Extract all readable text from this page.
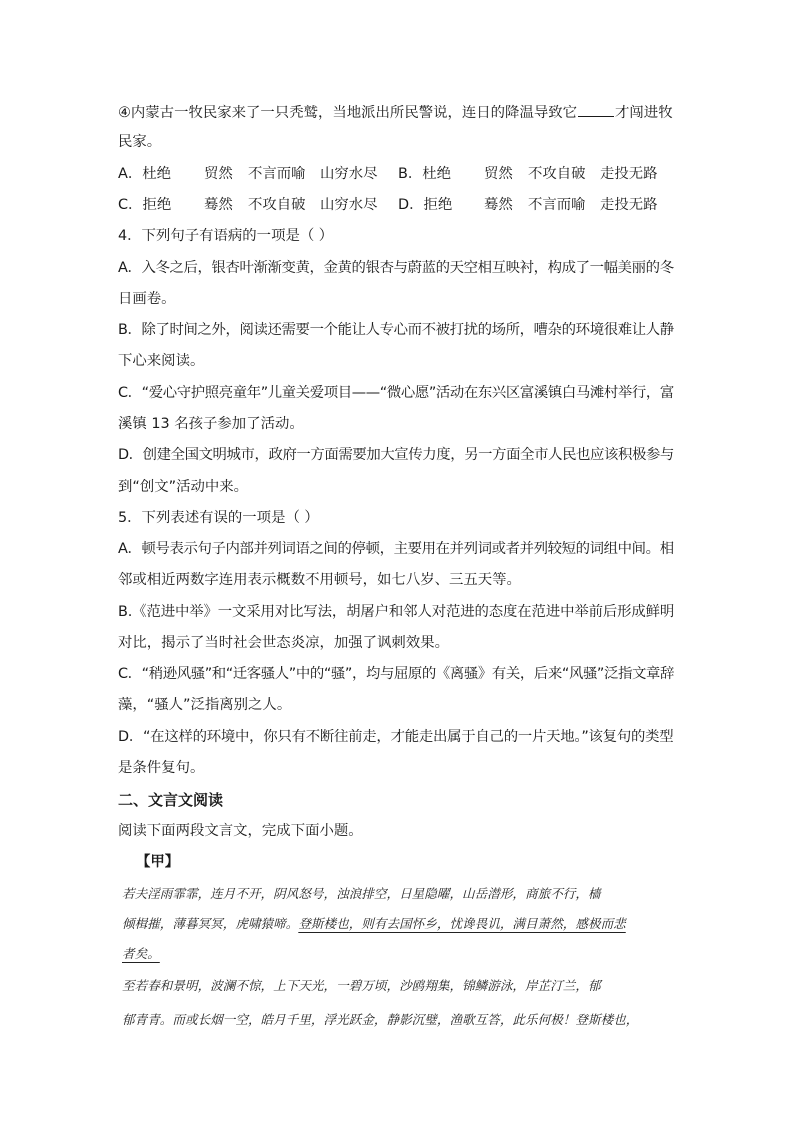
④内蒙古一牧民家来了一只秃鹫，当地派出所民警说，连日的降温导致它	才闯进牧
民家。
A．杜绝 贸然 不言而喻 山穷水尽 B．杜绝 贸然 不攻自破 走投无路
C．拒绝 蓦然 不攻自破 山穷水尽 D．拒绝 蓦然 不言而喻 走投无路
4．下列句子有语病的一项是（ ）
A．入冬之后，银杏叶渐渐变黄，金黄的银杏与蔚蓝的天空相互映衬，构成了一幅美丽的冬
日画卷。
B．除了时间之外，阅读还需要一个能让人专心而不被打扰的场所，嘈杂的环境很难让人静
下心来阅读。
C．“爱心守护照亮童年”儿童关爱项目——“微心愿”活动在东兴区富溪镇白马滩村举行，富
溪镇 13 名孩子参加了活动。
D．创建全国文明城市，政府一方面需要加大宣传力度，另一方面全市人民也应该积极参与
到“创文”活动中来。
5．下列表述有误的一项是（ ）
A．顿号表示句子内部并列词语之间的停顿，主要用在并列词或者并列较短的词组中间。相
邻或相近两数字连用表示概数不用顿号，如七八岁、三五天等。
B.《范进中举》一文采用对比写法，胡屠户和邻人对范进的态度在范进中举前后形成鲜明
对比，揭示了当时社会世态炎凉，加强了讽刺效果。
C．“稍逊风骚”和“迁客骚人”中的“骚”，均与屈原的《离骚》有关，后来“风骚”泛指文章辞
藻，“骚人”泛指离别之人。
D．“在这样的环境中，你只有不断往前走，才能走出属于自己的一片天地。”该复句的类型
是条件复句。
二、文言文阅读
阅读下面两段文言文，完成下面小题。
【甲】
若夫淫雨霏霏，连月不开，阴风怒号，浊浪排空，日星隐曜，山岳潜形，商旅不行，樯
倾楫摧，薄暮冥冥，虎啸猿啼。登斯楼也，则有去国怀乡，忧谗畏讥，满目萧然，感极而悲
者矣。
至若春和景明，波澜不惊，上下天光，一碧万顷，沙鸥翔集，锦鳞游泳，岸芷汀兰，郁
郁青青。而或长烟一空，皓月千里，浮光跃金，静影沉璧，渔歌互答，此乐何极！登斯楼也，
